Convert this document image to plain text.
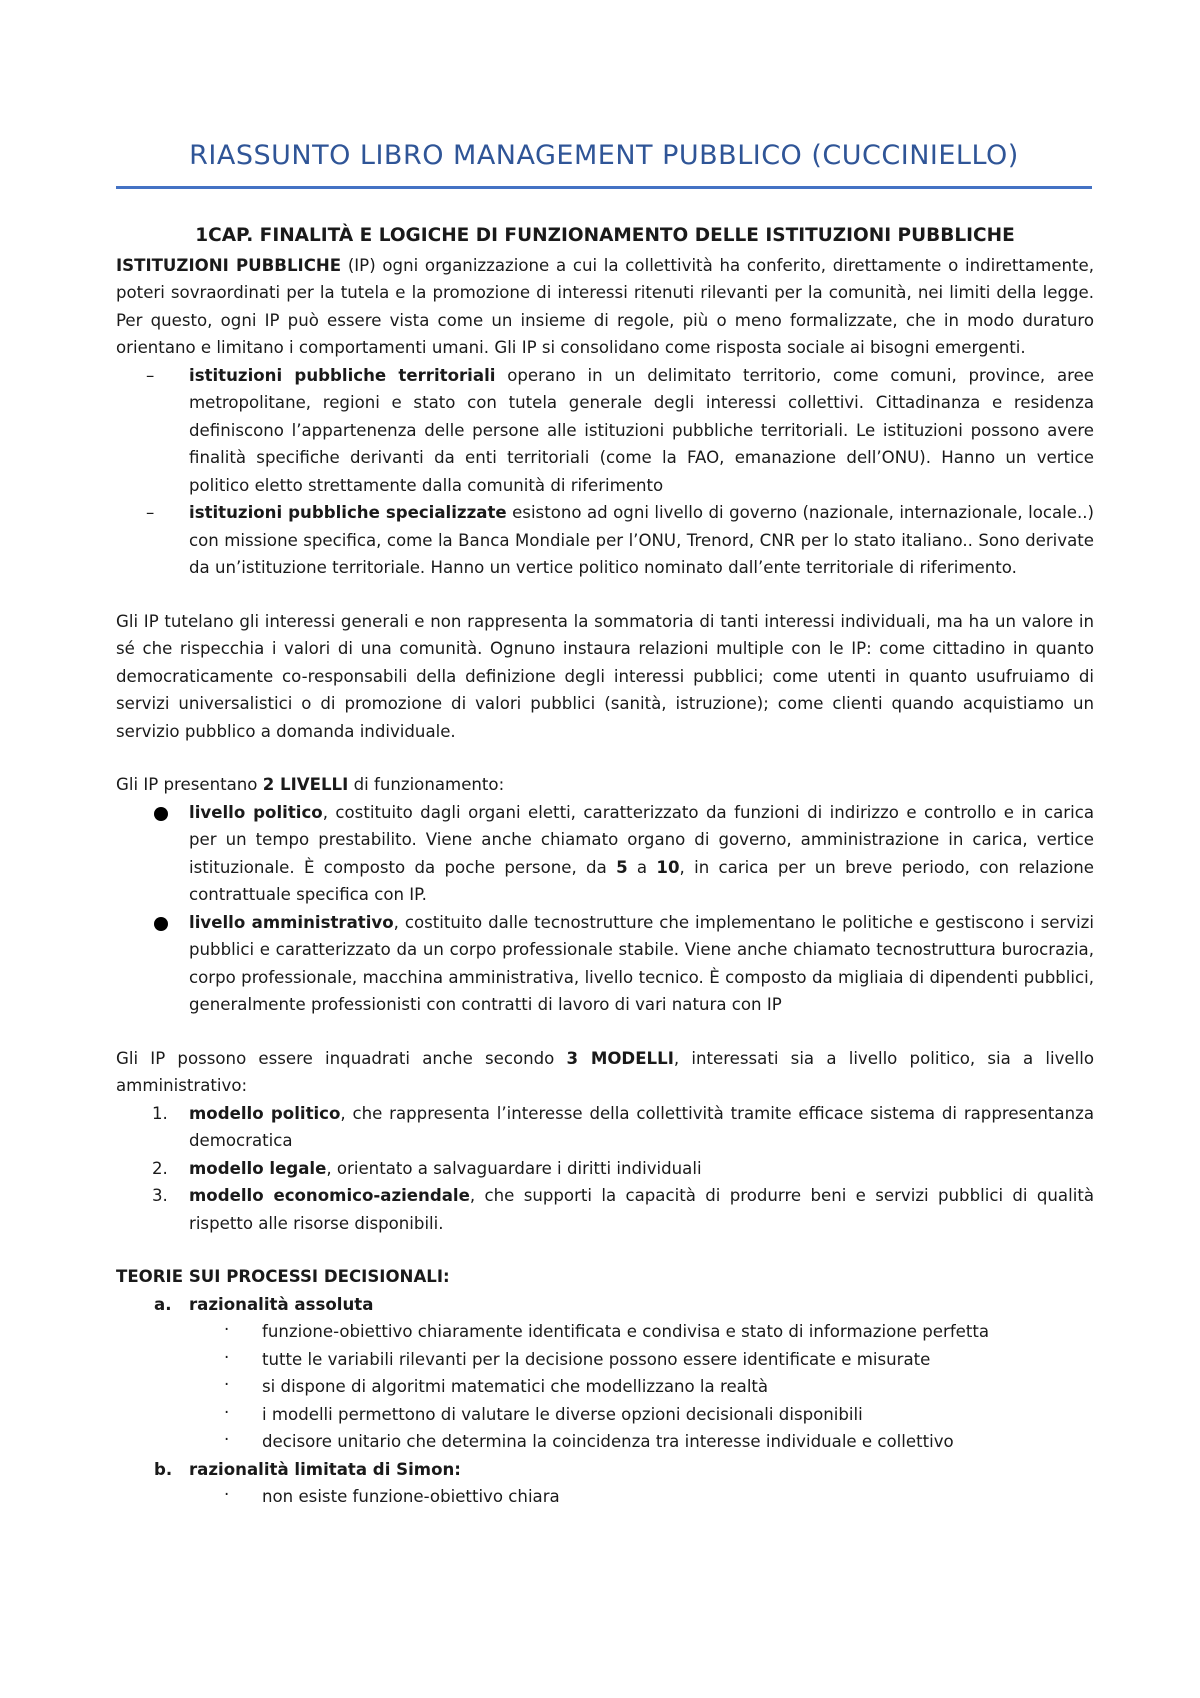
RIASSUNTO LIBRO MANAGEMENT PUBBLICO (CUCCINIELLO)
1CAP. FINALITÀ E LOGICHE DI FUNZIONAMENTO DELLE ISTITUZIONI PUBBLICHE

ISTITUZIONI PUBBLICHE (IP) ogni organizzazione a cui la collettività ha conferito, direttamente o indirettamente, poteri sovraordinati per la tutela e la promozione di interessi ritenuti rilevanti per la comunità, nei limiti della legge. Per questo, ogni IP può essere vista come un insieme di regole, più o meno formalizzate, che in modo duraturo orientano e limitano i comportamenti umani. Gli IP si consolidano come risposta sociale ai bisogni emergenti.

– istituzioni pubbliche territoriali operano in un delimitato territorio, come comuni, province, aree metropolitane, regioni e stato con tutela generale degli interessi collettivi. Cittadinanza e residenza definiscono l’appartenenza delle persone alle istituzioni pubbliche territoriali. Le istituzioni possono avere finalità specifiche derivanti da enti territoriali (come la FAO, emanazione dell’ONU). Hanno un vertice politico eletto strettamente dalla comunità di riferimento
– istituzioni pubbliche specializzate esistono ad ogni livello di governo (nazionale, internazionale, locale..) con missione specifica, come la Banca Mondiale per l’ONU, Trenord, CNR per lo stato italiano.. Sono derivate da un’istituzione territoriale. Hanno un vertice politico nominato dall’ente territoriale di riferimento.

Gli IP tutelano gli interessi generali e non rappresenta la sommatoria di tanti interessi individuali, ma ha un valore in sé che rispecchia i valori di una comunità. Ognuno instaura relazioni multiple con le IP: come cittadino in quanto democraticamente co-responsabili della definizione degli interessi pubblici; come utenti in quanto usufruiamo di servizi universalistici o di promozione di valori pubblici (sanità, istruzione); come clienti quando acquistiamo un servizio pubblico a domanda individuale.

Gli IP presentano 2 LIVELLI di funzionamento:

livello politico, costituito dagli organi eletti, caratterizzato da funzioni di indirizzo e controllo e in carica per un tempo prestabilito. Viene anche chiamato organo di governo, amministrazione in carica, vertice istituzionale. È composto da poche persone, da 5 a 10, in carica per un breve periodo, con relazione contrattuale specifica con IP.
livello amministrativo, costituito dalle tecnostrutture che implementano le politiche e gestiscono i servizi pubblici e caratterizzato da un corpo professionale stabile. Viene anche chiamato tecnostruttura burocrazia, corpo professionale, macchina amministrativa, livello tecnico. È composto da migliaia di dipendenti pubblici, generalmente professionisti con contratti di lavoro di vari natura con IP

Gli IP possono essere inquadrati anche secondo 3 MODELLI, interessati sia a livello politico, sia a livello amministrativo:

1. modello politico, che rappresenta l’interesse della collettività tramite efficace sistema di rappresentanza democratica
2. modello legale, orientato a salvaguardare i diritti individuali
3. modello economico-aziendale, che supporti la capacità di produrre beni e servizi pubblici di qualità rispetto alle risorse disponibili.

TEORIE SUI PROCESSI DECISIONALI:

a. razionalità assoluta
· funzione-obiettivo chiaramente identificata e condivisa e stato di informazione perfetta
· tutte le variabili rilevanti per la decisione possono essere identificate e misurate
· si dispone di algoritmi matematici che modellizzano la realtà
· i modelli permettono di valutare le diverse opzioni decisionali disponibili
· decisore unitario che determina la coincidenza tra interesse individuale e collettivo
b. razionalità limitata di Simon:
· non esiste funzione-obiettivo chiara
